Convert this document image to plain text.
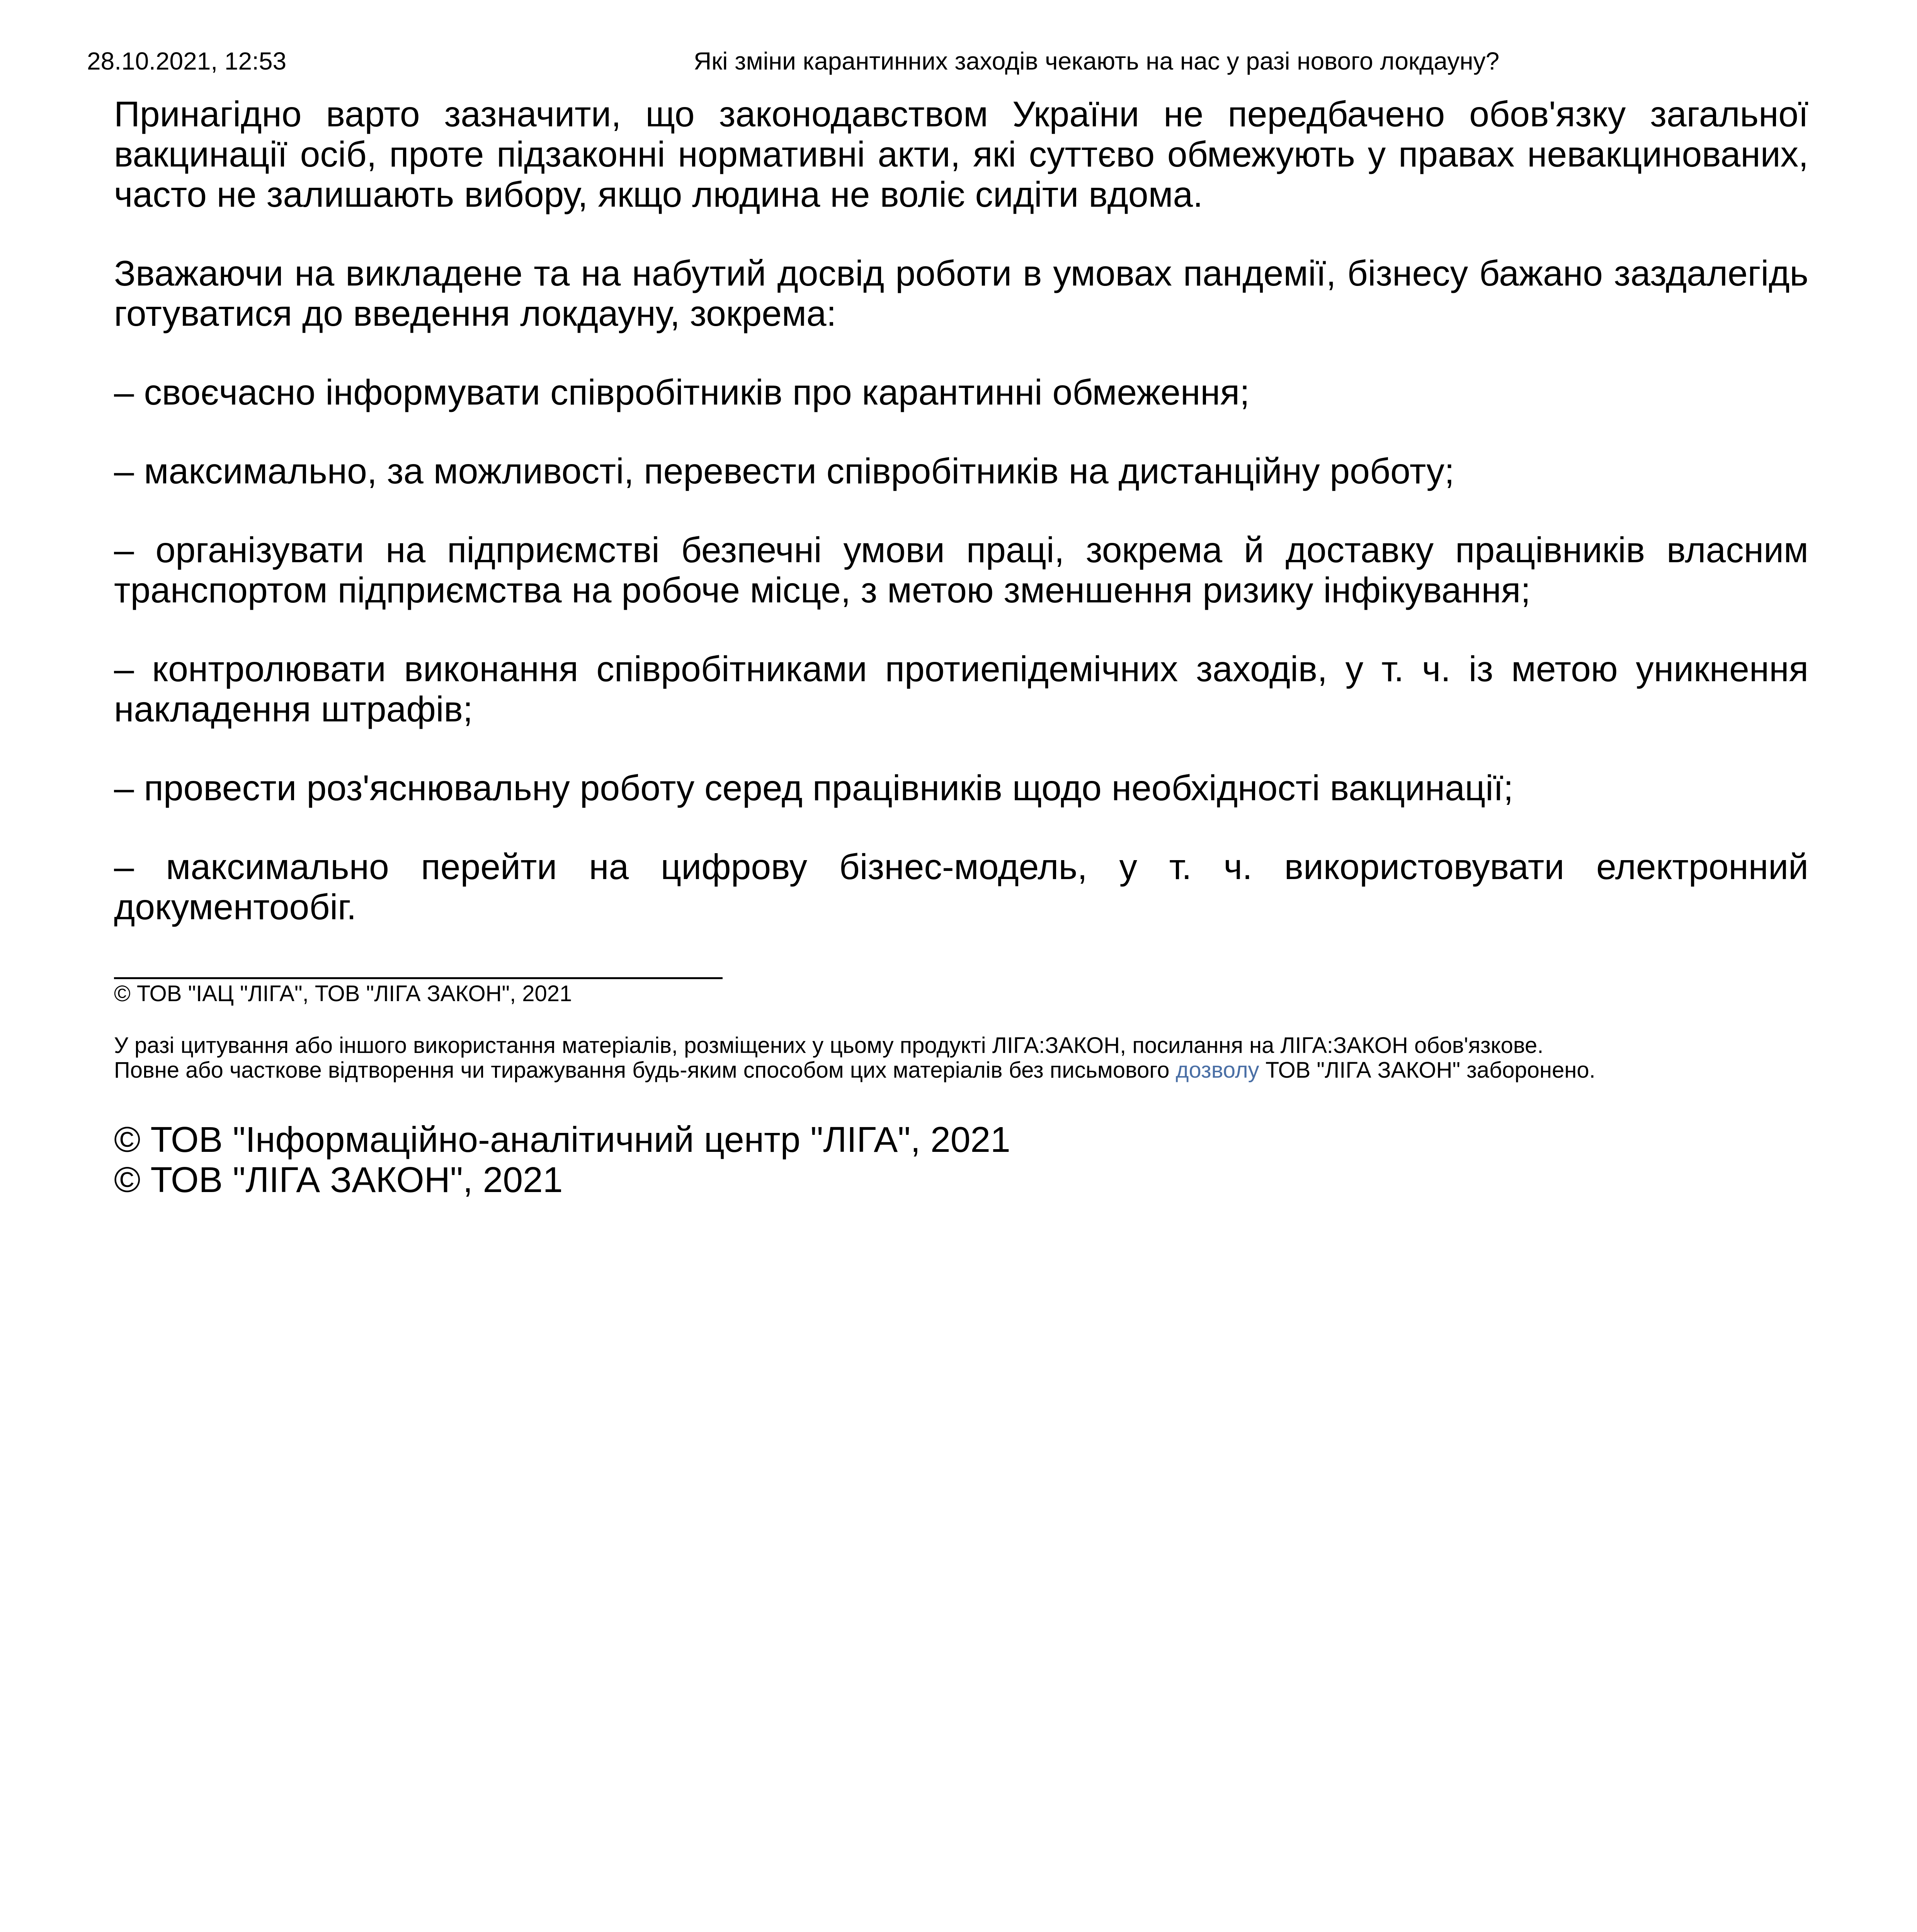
28.10.2021, 12:53	Які зміни карантинних заходів чекають на нас у разі нового локдауну?

Принагідно варто зазначити, що законодавством України не передбачено обов'язку загальної вакцинації осіб, проте підзаконні нормативні акти, які суттєво обмежують у правах невакцинованих, часто не залишають вибору, якщо людина не воліє сидіти вдома.

Зважаючи на викладене та на набутий досвід роботи в умовах пандемії, бізнесу бажано заздалегідь готуватися до введення локдауну, зокрема:

– своєчасно інформувати співробітників про карантинні обмеження;

– максимально, за можливості, перевести співробітників на дистанційну роботу;

– організувати на підприємстві безпечні умови праці, зокрема й доставку працівників власним транспортом підприємства на робоче місце, з метою зменшення ризику інфікування;

– контролювати виконання співробітниками протиепідемічних заходів, у т. ч. із метою уникнення накладення штрафів;

– провести роз'яснювальну роботу серед працівників щодо необхідності вакцинації;

– максимально перейти на цифрову бізнес-модель, у т. ч. використовувати електронний документообіг.

© ТОВ "ІАЦ "ЛІГА", ТОВ "ЛІГА ЗАКОН", 2021

У разі цитування або іншого використання матеріалів, розміщених у цьому продукті ЛІГА:ЗАКОН, посилання на ЛІГА:ЗАКОН обов'язкове.
Повне або часткове відтворення чи тиражування будь-яким способом цих матеріалів без письмового дозволу ТОВ "ЛІГА ЗАКОН" заборонено.
© ТОВ "Інформаційно-аналітичний центр "ЛІГА", 2021
© ТОВ "ЛІГА ЗАКОН", 2021
